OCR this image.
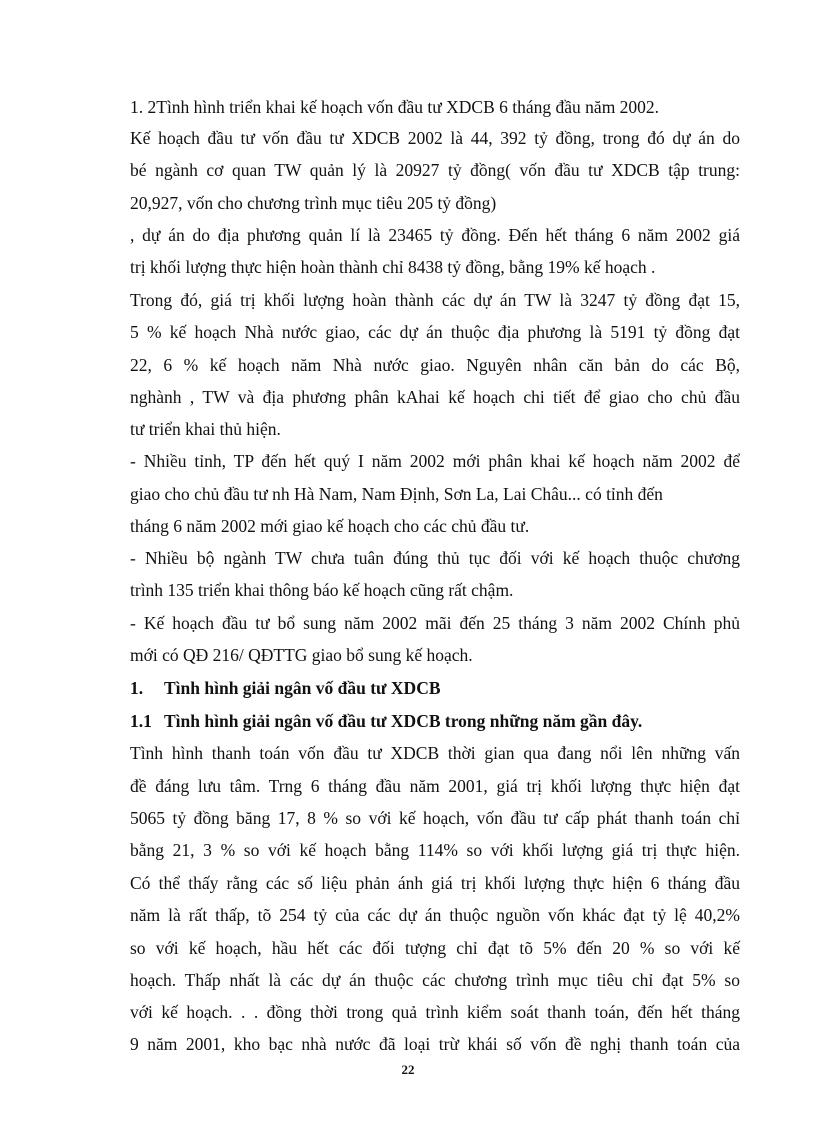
1. 2Tình hình triển khai kế hoạch vốn đầu tư XDCB 6 tháng đầu năm 2002.
Kế hoạch đầu tư vốn đầu tư XDCB 2002 là 44, 392 tỷ đồng, trong đó dự án do
bé ngành cơ quan TW quản lý là 20927 tỷ đồng( vốn đầu tư XDCB tập trung:
20,927, vốn cho chương trình mục tiêu 205 tỷ đồng)
, dự án do địa phương quản lí là 23465 tỷ đồng. Đến hết tháng 6 năm 2002 giá
trị khối lượng thực hiện hoàn thành chỉ 8438 tỷ đồng, bằng 19% kế hoạch .
Trong đó, giá trị khối lượng hoàn thành các dự án TW là 3247 tỷ đồng đạt 15,
5 % kế hoạch Nhà nước giao, các dự án thuộc địa phương là 5191 tỷ đồng đạt
22, 6 % kế hoạch năm Nhà nước giao. Nguyên nhân căn bản do các Bộ,
nghành , TW và địa phương phân kAhai kế hoạch chi tiết để giao cho chủ đầu
tư triển khai thủ hiện.
- Nhiều tỉnh, TP đến hết quý I năm 2002 mới phân khai kế hoạch năm 2002 để
giao cho chủ đầu tư nh Hà Nam, Nam Định, Sơn La, Lai Châu... có tỉnh đến
tháng 6 năm 2002 mới giao kế hoạch cho các chủ đầu tư.
- Nhiều bộ ngành TW chưa tuân đúng thủ tục đối với kế hoạch thuộc chương
trình 135 triển khai thông báo kế hoạch cũng rất chậm.
- Kế hoạch đầu tư bổ sung năm 2002 mãi đến 25 tháng 3 năm 2002 Chính phủ
mới có QĐ 216/ QĐTTG giao bổ sung kế hoạch.
1. Tình hình giải ngân vố đầu tư XDCB
1.1 Tình hình giải ngân vố đầu tư XDCB trong những năm gần đây.
Tình hình thanh toán vốn đầu tư XDCB thời gian qua đang nổi lên những vấn
đề đáng lưu tâm. Trng 6 tháng đầu năm 2001, giá trị khối lượng thực hiện đạt
5065 tỷ đồng băng 17, 8 % so với kế hoạch, vốn đầu tư cấp phát thanh toán chỉ
bằng 21, 3 % so với kế hoạch bằng 114% so với khối lượng giá trị thực hiện.
Có thể thấy rằng các số liệu phản ánh giá trị khối lượng thực hiện 6 tháng đầu
năm là rất thấp, tõ 254 tỷ của các dự án thuộc nguồn vốn khác đạt tỷ lệ 40,2%
so với kế hoạch, hầu hết các đối tượng chỉ đạt tõ 5% đến 20 % so với kế
hoạch. Thấp nhất là các dự án thuộc các chương trình mục tiêu chỉ đạt 5% so
với kế hoạch. . . đồng thời trong quả trình kiểm soát thanh toán, đến hết tháng
9 năm 2001, kho bạc nhà nước đã loại trừ khái số vốn đề nghị thanh toán của
22
